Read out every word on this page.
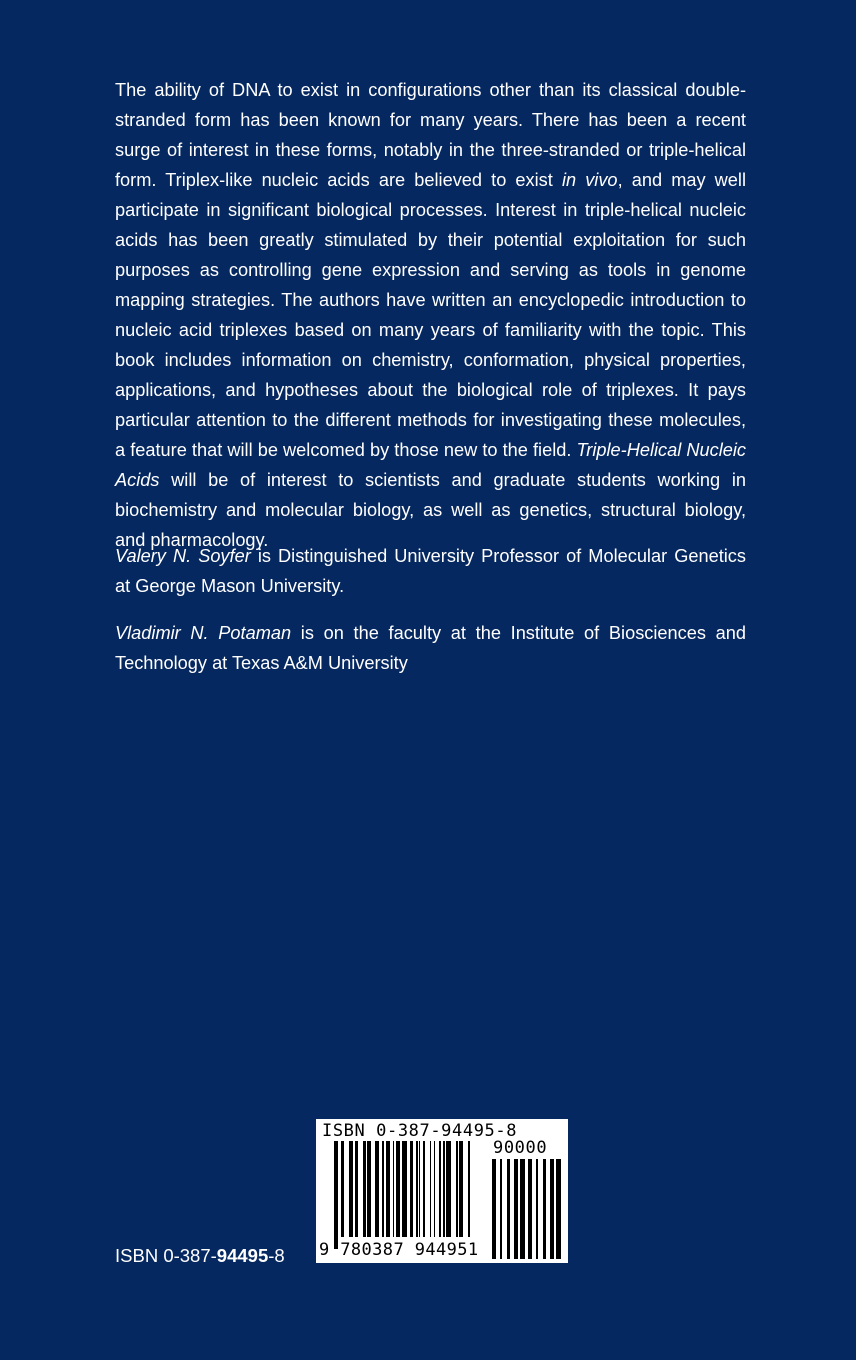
The ability of DNA to exist in configurations other than its classical double-stranded form has been known for many years. There has been a recent surge of interest in these forms, notably in the three-stranded or triple-helical form. Triplex-like nucleic acids are believed to exist in vivo, and may well participate in significant biological processes. Interest in triple-helical nucleic acids has been greatly stimulated by their potential exploitation for such purposes as controlling gene expression and serving as tools in genome mapping strategies. The authors have written an encyclopedic introduction to nucleic acid triplexes based on many years of familiarity with the topic. This book includes information on chemistry, conformation, physical properties, applications, and hypotheses about the biological role of triplexes. It pays particular attention to the different methods for investigating these molecules, a feature that will be welcomed by those new to the field. Triple-Helical Nucleic Acids will be of interest to scientists and graduate students working in biochemistry and molecular biology, as well as genetics, structural biology, and pharmacology.

Valery N. Soyfer is Distinguished University Professor of Molecular Genetics at George Mason University.

Vladimir N. Potaman is on the faculty at the Institute of Biosciences and Technology at Texas A&M University

ISBN 0-387-94495-8
ISBN 0-387-94495-8
90000
9 780387 944951
